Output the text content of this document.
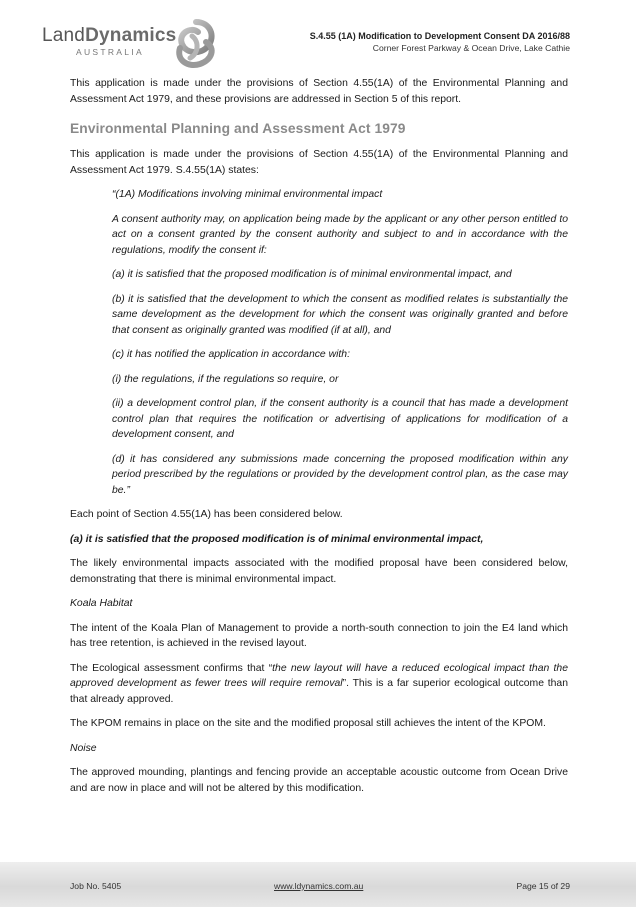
LandDynamics
AUSTRALIA
S.4.55 (1A) Modification to Development Consent DA 2016/88
Corner Forest Parkway & Ocean Drive, Lake Cathie

This application is made under the provisions of Section 4.55(1A) of the Environmental Planning and Assessment Act 1979, and these provisions are addressed in Section 5 of this report.

Environmental Planning and Assessment Act 1979

This application is made under the provisions of Section 4.55(1A) of the Environmental Planning and Assessment Act 1979. S.4.55(1A) states:

“(1A) Modifications involving minimal environmental impact

A consent authority may, on application being made by the applicant or any other person entitled to act on a consent granted by the consent authority and subject to and in accordance with the regulations, modify the consent if:

(a) it is satisfied that the proposed modification is of minimal environmental impact, and

(b) it is satisfied that the development to which the consent as modified relates is substantially the same development as the development for which the consent was originally granted and before that consent as originally granted was modified (if at all), and

(c) it has notified the application in accordance with:

(i) the regulations, if the regulations so require, or

(ii) a development control plan, if the consent authority is a council that has made a development control plan that requires the notification or advertising of applications for modification of a development consent, and

(d) it has considered any submissions made concerning the proposed modification within any period prescribed by the regulations or provided by the development control plan, as the case may be.”

Each point of Section 4.55(1A) has been considered below.

(a) it is satisfied that the proposed modification is of minimal environmental impact,

The likely environmental impacts associated with the modified proposal have been considered below, demonstrating that there is minimal environmental impact.

Koala Habitat

The intent of the Koala Plan of Management to provide a north-south connection to join the E4 land which has tree retention, is achieved in the revised layout.

The Ecological assessment confirms that “the new layout will have a reduced ecological impact than the approved development as fewer trees will require removal”. This is a far superior ecological outcome than that already approved.

The KPOM remains in place on the site and the modified proposal still achieves the intent of the KPOM.

Noise

The approved mounding, plantings and fencing provide an acceptable acoustic outcome from Ocean Drive and are now in place and will not be altered by this modification.

Job No. 5405	www.ldynamics.com.au	Page 15 of 29
